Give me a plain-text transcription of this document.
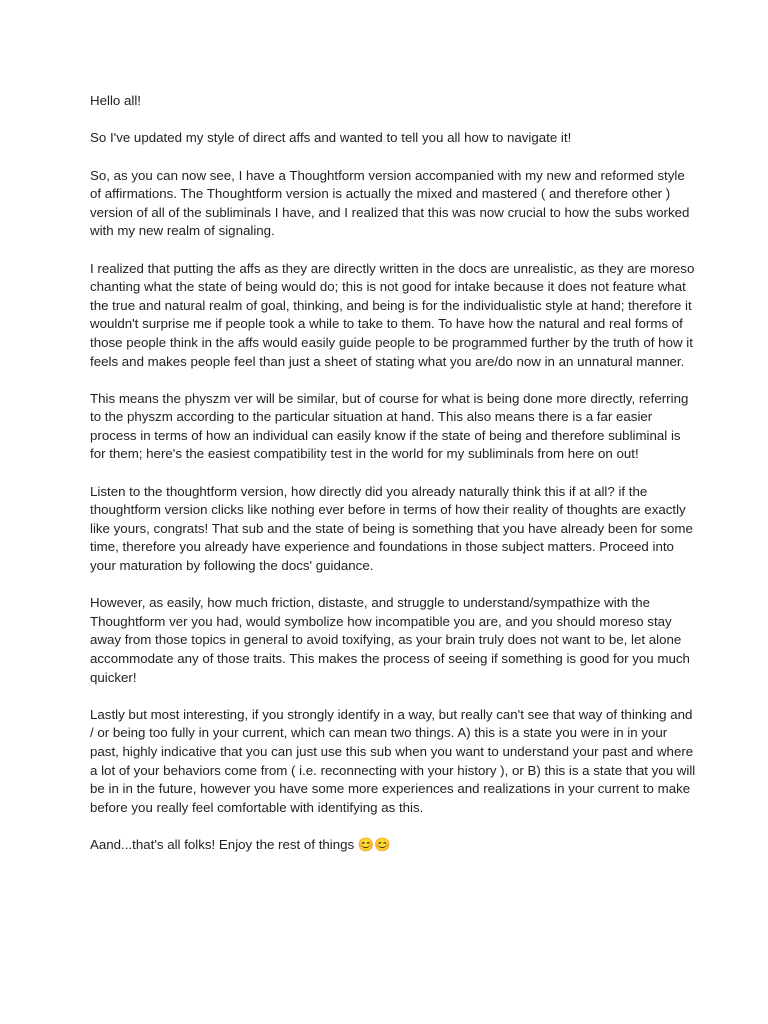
Hello all!

So I've updated my style of direct affs and wanted to tell you all how to navigate it!

So, as you can now see, I have a Thoughtform version accompanied with my new and reformed style of affirmations. The Thoughtform version is actually the mixed and mastered ( and therefore other ) version of all of the subliminals I have, and I realized that this was now crucial to how the subs worked with my new realm of signaling.

I realized that putting the affs as they are directly written in the docs are unrealistic, as they are moreso chanting what the state of being would do; this is not good for intake because it does not feature what the true and natural realm of goal, thinking, and being is for the individualistic style at hand; therefore it wouldn't surprise me if people took a while to take to them. To have how the natural and real forms of those people think in the affs would easily guide people to be programmed further by the truth of how it feels and makes people feel than just a sheet of stating what you are/do now in an unnatural manner.

This means the physzm ver will be similar, but of course for what is being done more directly, referring to the physzm according to the particular situation at hand. This also means there is a far easier process in terms of how an individual can easily know if the state of being and therefore subliminal is for them; here's the easiest compatibility test in the world for my subliminals from here on out!

Listen to the thoughtform version, how directly did you already naturally think this if at all? if the thoughtform version clicks like nothing ever before in terms of how their reality of thoughts are exactly like yours, congrats! That sub and the state of being is something that you have already been for some time, therefore you already have experience and foundations in those subject matters. Proceed into your maturation by following the docs' guidance.

However, as easily, how much friction, distaste, and struggle to understand/sympathize with the Thoughtform ver you had, would symbolize how incompatible you are, and you should moreso stay away from those topics in general to avoid toxifying, as your brain truly does not want to be, let alone accommodate any of those traits. This makes the process of seeing if something is good for you much quicker!

Lastly but most interesting, if you strongly identify in a way, but really can't see that way of thinking and / or being too fully in your current, which can mean two things. A) this is a state you were in in your past, highly indicative that you can just use this sub when you want to understand your past and where a lot of your behaviors come from ( i.e. reconnecting with your history ), or B) this is a state that you will be in in the future, however you have some more experiences and realizations in your current to make before you really feel comfortable with identifying as this.

Aand...that's all folks! Enjoy the rest of things 😊😊
